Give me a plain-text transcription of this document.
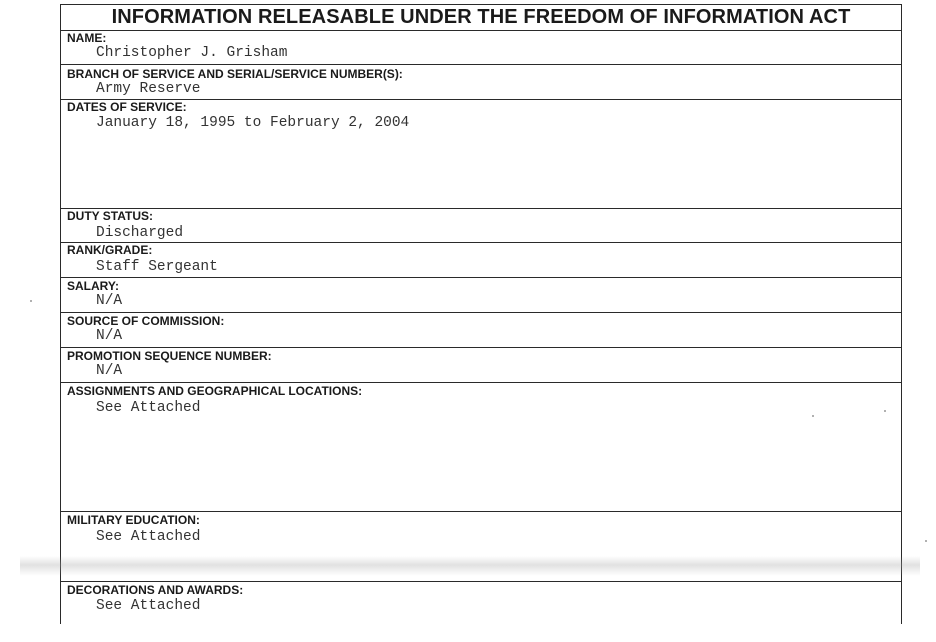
INFORMATION RELEASABLE UNDER THE FREEDOM OF INFORMATION ACT
NAME:
Christopher J. Grisham
BRANCH OF SERVICE AND SERIAL/SERVICE NUMBER(S):
Army Reserve
DATES OF SERVICE:
January 18, 1995 to February 2, 2004
DUTY STATUS:
Discharged
RANK/GRADE:
Staff Sergeant
SALARY:
N/A
SOURCE OF COMMISSION:
N/A
PROMOTION SEQUENCE NUMBER:
N/A
ASSIGNMENTS AND GEOGRAPHICAL LOCATIONS:
See Attached
MILITARY EDUCATION:
See Attached
DECORATIONS AND AWARDS:
See Attached
